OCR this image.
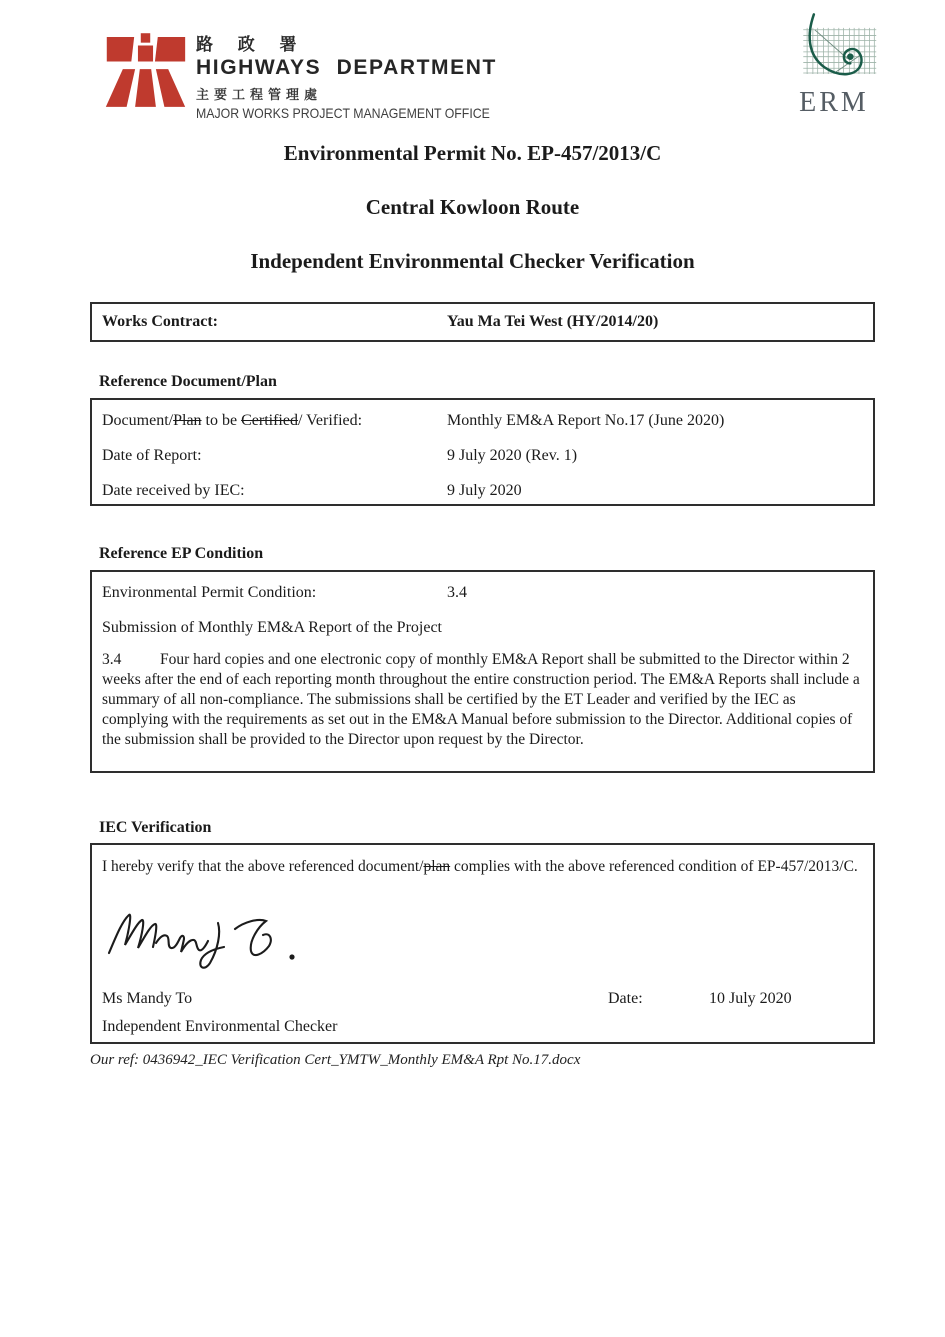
路 政 署
HIGHWAYS DEPARTMENT
主要工程管理處
MAJOR WORKS PROJECT MANAGEMENT OFFICE	ERM
Environmental Permit No. EP-457/2013/C
Central Kowloon Route
Independent Environmental Checker Verification
Works Contract:	Yau Ma Tei West (HY/2014/20)
Reference Document/Plan
Document/Plan to be Certified/ Verified:	Monthly EM&A Report No.17 (June 2020)
Date of Report:	9 July 2020 (Rev. 1)
Date received by IEC:	9 July 2020
Reference EP Condition
Environmental Permit Condition:	3.4
Submission of Monthly EM&A Report of the Project
3.4 Four hard copies and one electronic copy of monthly EM&A Report shall be submitted to the Director within 2 weeks after the end of each reporting month throughout the entire construction period. The EM&A Reports shall include a summary of all non-compliance. The submissions shall be certified by the ET Leader and verified by the IEC as complying with the requirements as set out in the EM&A Manual before submission to the Director. Additional copies of the submission shall be provided to the Director upon request by the Director.
IEC Verification
I hereby verify that the above referenced document/plan complies with the above referenced condition of EP-457/2013/C.
Ms Mandy To	Date:	10 July 2020
Independent Environmental Checker
Our ref: 0436942_IEC Verification Cert_YMTW_Monthly EM&A Rpt No.17.docx
